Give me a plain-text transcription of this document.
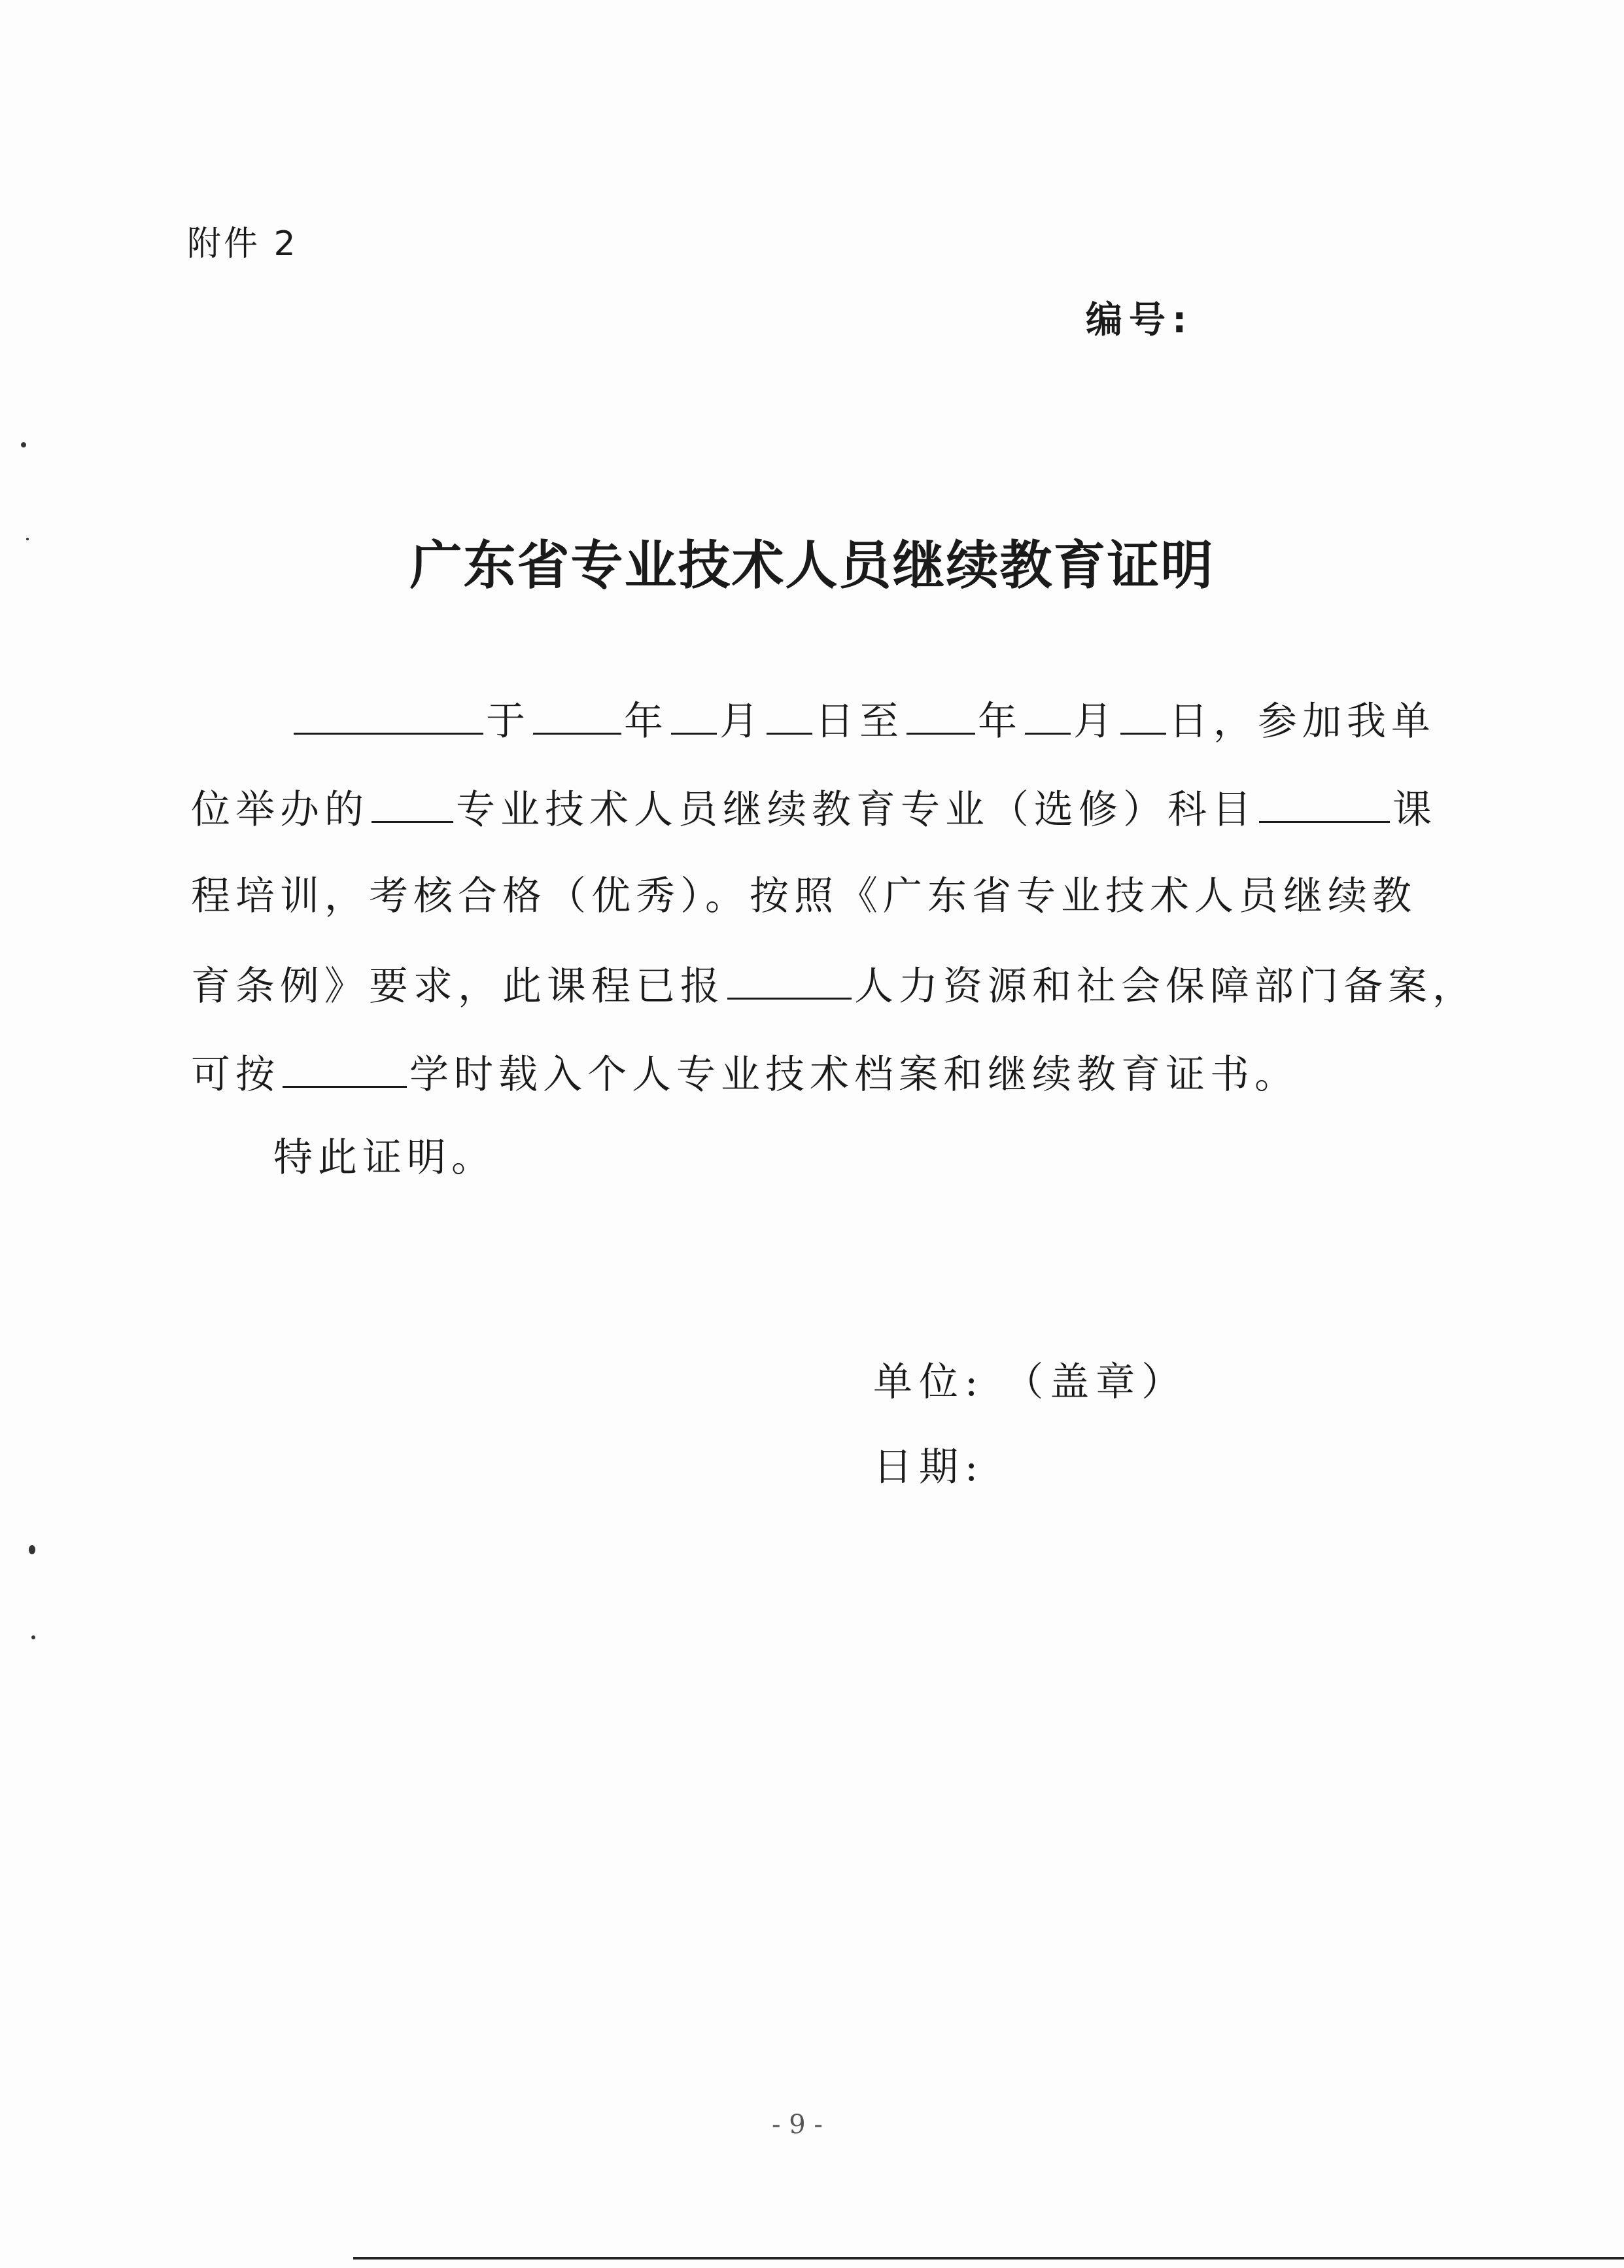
附件 2
编号:
广东省专业技术人员继续教育证明
于 年 月 日至 年 月 日，参加我单
位举办的 专业技术人员继续教育专业（选修）科目	课
程培训，考核合格（优秀）。按照《广东省专业技术人员继续教
育条例》要求，此课程已报	人力资源和社会保障部门备案，
可按	学时载入个人专业技术档案和继续教育证书。
特此证明。
单位: （盖章）
日期:
- 9 -
